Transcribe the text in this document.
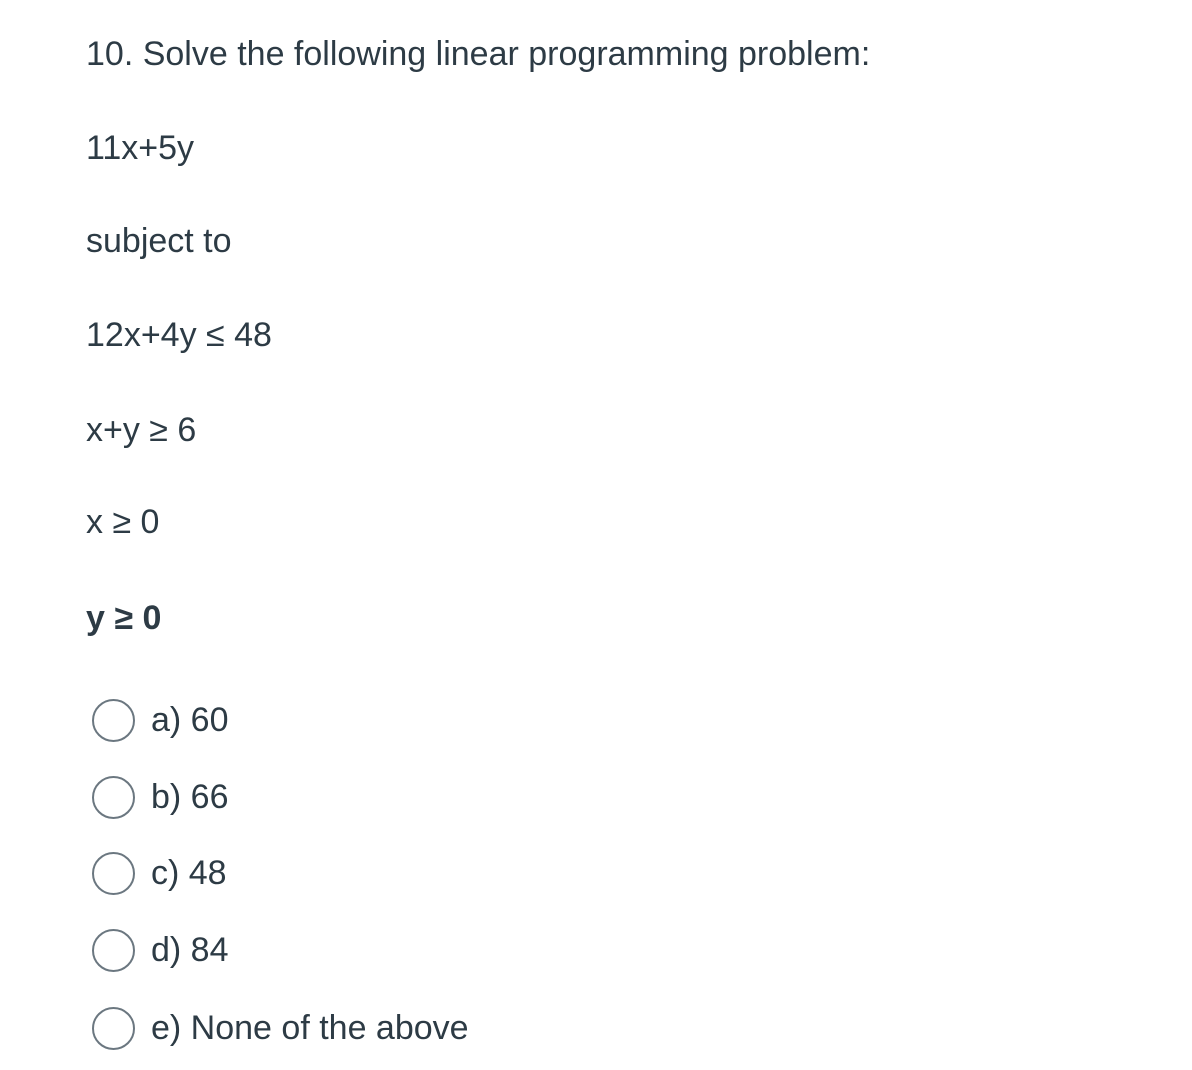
10. Solve the following linear programming problem:
11x+5y
subject to
12x+4y ≤ 48
x+y ≥ 6
x ≥ 0
y ≥ 0
a) 60
b) 66
c) 48
d) 84
e) None of the above
